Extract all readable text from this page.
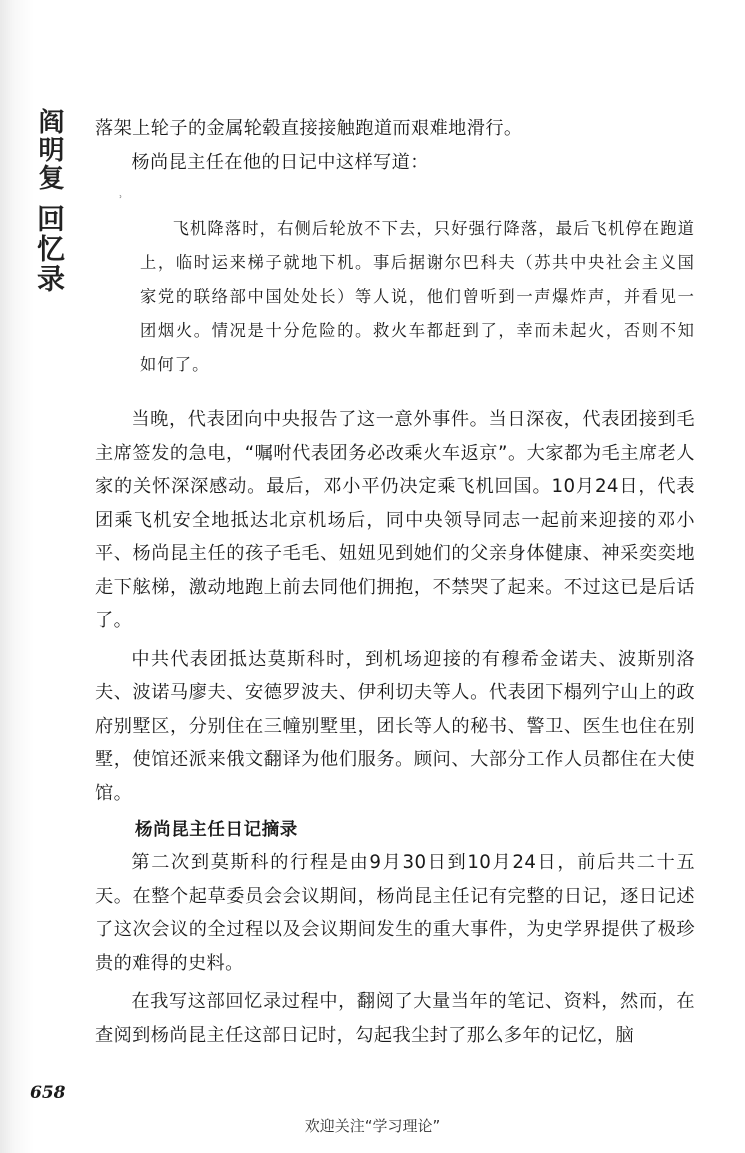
阎明复 回忆录

落架上轮子的金属轮毂直接接触跑道而艰难地滑行。

杨尚昆主任在他的日记中这样写道：

˒
飞机降落时，右侧后轮放不下去，只好强行降落，最后飞机停在跑道上，临时运来梯子就地下机。事后据谢尔巴科夫（苏共中央社会主义国家党的联络部中国处处长）等人说，他们曾听到一声爆炸声，并看见一团烟火。情况是十分危险的。救火车都赶到了，幸而未起火，否则不知如何了。

当晚，代表团向中央报告了这一意外事件。当日深夜，代表团接到毛主席签发的急电，“嘱咐代表团务必改乘火车返京”。大家都为毛主席老人家的关怀深深感动。最后，邓小平仍决定乘飞机回国。10月24日，代表团乘飞机安全地抵达北京机场后，同中央领导同志一起前来迎接的邓小平、杨尚昆主任的孩子毛毛、妞妞见到她们的父亲身体健康、神采奕奕地走下舷梯，激动地跑上前去同他们拥抱，不禁哭了起来。不过这已是后话了。

中共代表团抵达莫斯科时，到机场迎接的有穆希金诺夫、波斯别洛夫、波诺马廖夫、安德罗波夫、伊利切夫等人。代表团下榻列宁山上的政府别墅区，分别住在三幢别墅里，团长等人的秘书、警卫、医生也住在别墅，使馆还派来俄文翻译为他们服务。顾问、大部分工作人员都住在大使馆。

杨尚昆主任日记摘录

第二次到莫斯科的行程是由9月30日到10月24日，前后共二十五天。在整个起草委员会会议期间，杨尚昆主任记有完整的日记，逐日记述了这次会议的全过程以及会议期间发生的重大事件，为史学界提供了极珍贵的难得的史料。

在我写这部回忆录过程中，翻阅了大量当年的笔记、资料，然而，在查阅到杨尚昆主任这部日记时，勾起我尘封了那么多年的记忆，脑

658
欢迎关注“学习理论”
